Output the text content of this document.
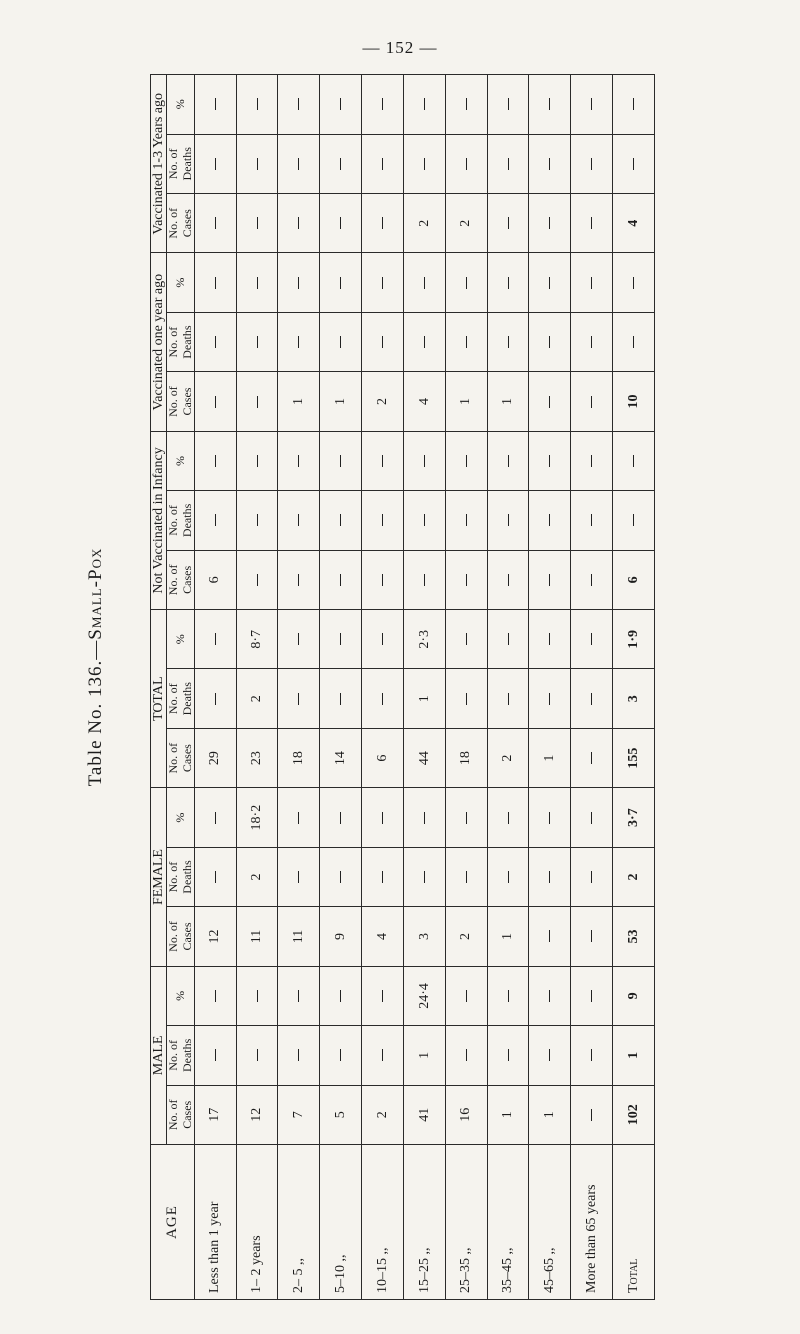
— 152 —
Table No. 136.—Small-Pox
AGE	MALE			FEMALE			TOTAL			Not Vaccinated in Infancy			Vaccinated one year ago			Vaccinated 1-3 Years ago		
	No. of Cases	No. of Deaths	%	No. of Cases	No. of Deaths	%	No. of Cases	No. of Deaths	%	No. of Cases	No. of Deaths	%	No. of Cases	No. of Deaths	%	No. of Cases	No. of Deaths	%
Less than 1 year	17			12			29			6								
1– 2 years	12			11	2	18·2	23	2	8·7									
2– 5 ,,	7			11			18						1					
5–10 ,,	5			9			14						1					
10–15 ,,	2			4			6						2					
15–25 ,,	41	1	24·4	3			44	1	2·3				4			2		
25–35 ,,	16			2			18						1			2		
35–45 ,,	1			1			2						1					
45–65 ,,	1						1											
More than 65 years																		
Total	102	1	9	53	2	3·7	155	3	1·9	6			10			4		
